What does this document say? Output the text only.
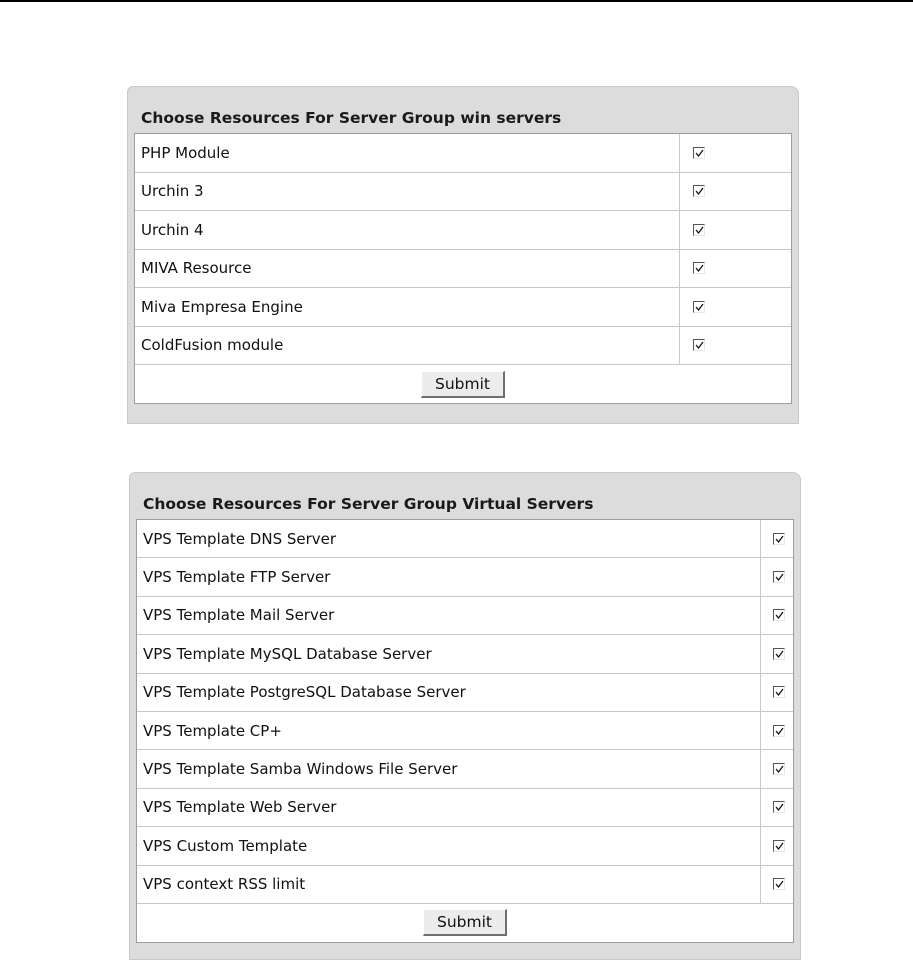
Choose Resources For Server Group win servers
PHP Module
Urchin 3
Urchin 4
MIVA Resource
Miva Empresa Engine
ColdFusion module
Submit
Choose Resources For Server Group Virtual Servers
VPS Template DNS Server
VPS Template FTP Server
VPS Template Mail Server
VPS Template MySQL Database Server
VPS Template PostgreSQL Database Server
VPS Template CP+
VPS Template Samba Windows File Server
VPS Template Web Server
VPS Custom Template
VPS context RSS limit
Submit
